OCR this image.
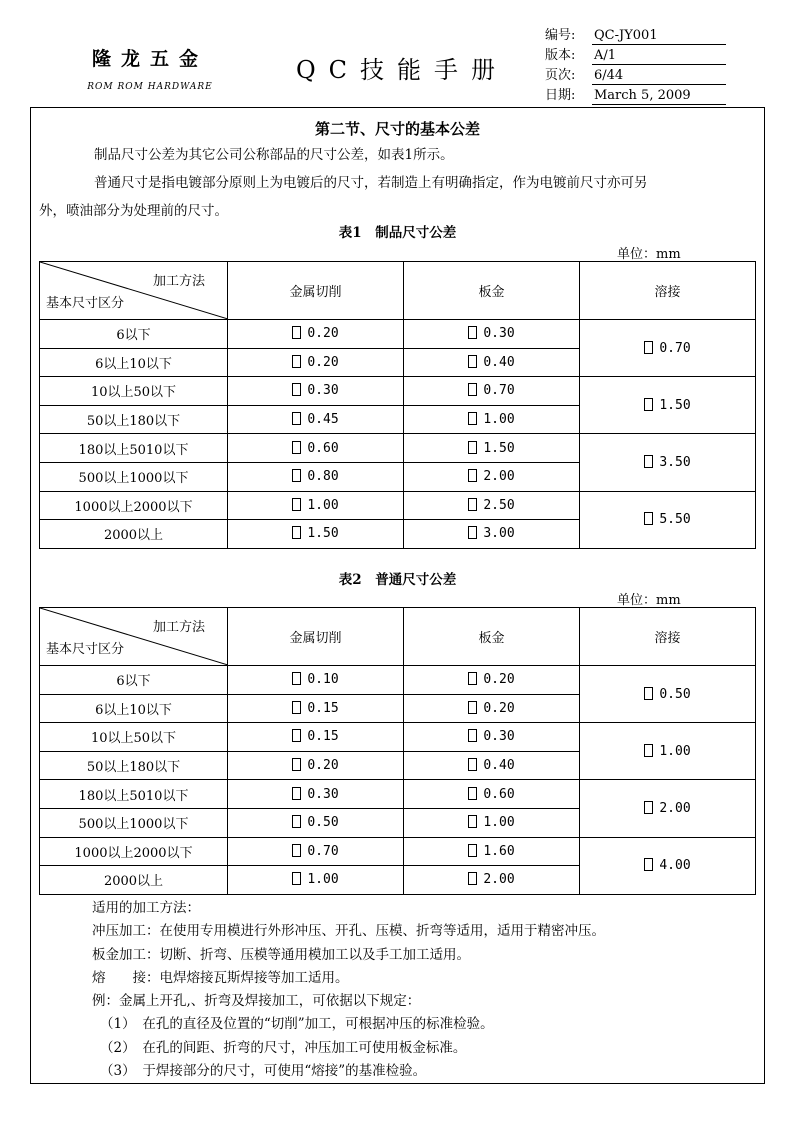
隆龙五金
ROM ROM HARDWARE
QC技能手册
编号: QC-JY001
版本: A/1
页次: 6/44
日期: March 5, 2009
第二节、尺寸的基本公差
制品尺寸公差为其它公司公称部品的尺寸公差，如表1所示。
普通尺寸是指电镀部分原则上为电镀后的尺寸，若制造上有明确指定，作为电镀前尺寸亦可另
外，喷油部分为处理前的尺寸。
表1　制品尺寸公差
单位：mm
加工方法
基本尺寸区分	金属切削	板金	溶接
6以下	0.20	0.30	0.70
6以上10以下	0.20	0.40	
10以上50以下	0.30	0.70	1.50
50以上180以下	0.45	1.00	
180以上5010以下	0.60	1.50	3.50
500以上1000以下	0.80	2.00	
1000以上2000以下	1.00	2.50	5.50
2000以上	1.50	3.00	
表2　普通尺寸公差
单位：mm
加工方法
基本尺寸区分	金属切削	板金	溶接
6以下	0.10	0.20	0.50
6以上10以下	0.15	0.20	
10以上50以下	0.15	0.30	1.00
50以上180以下	0.20	0.40	
180以上5010以下	0.30	0.60	2.00
500以上1000以下	0.50	1.00	
1000以上2000以下	0.70	1.60	4.00
2000以上	1.00	2.00	
适用的加工方法：
冲压加工：在使用专用模进行外形冲压、开孔、压模、折弯等适用，适用于精密冲压。
板金加工：切断、折弯、压模等通用模加工以及手工加工适用。
熔　　接：电焊熔接瓦斯焊接等加工适用。
例：金属上开孔,、折弯及焊接加工，可依据以下规定：
（1）　在孔的直径及位置的“切削”加工，可根据冲压的标准检验。
（2）　在孔的间距、折弯的尺寸，冲压加工可使用板金标准。
（3）　于焊接部分的尺寸，可使用“熔接”的基准检验。
